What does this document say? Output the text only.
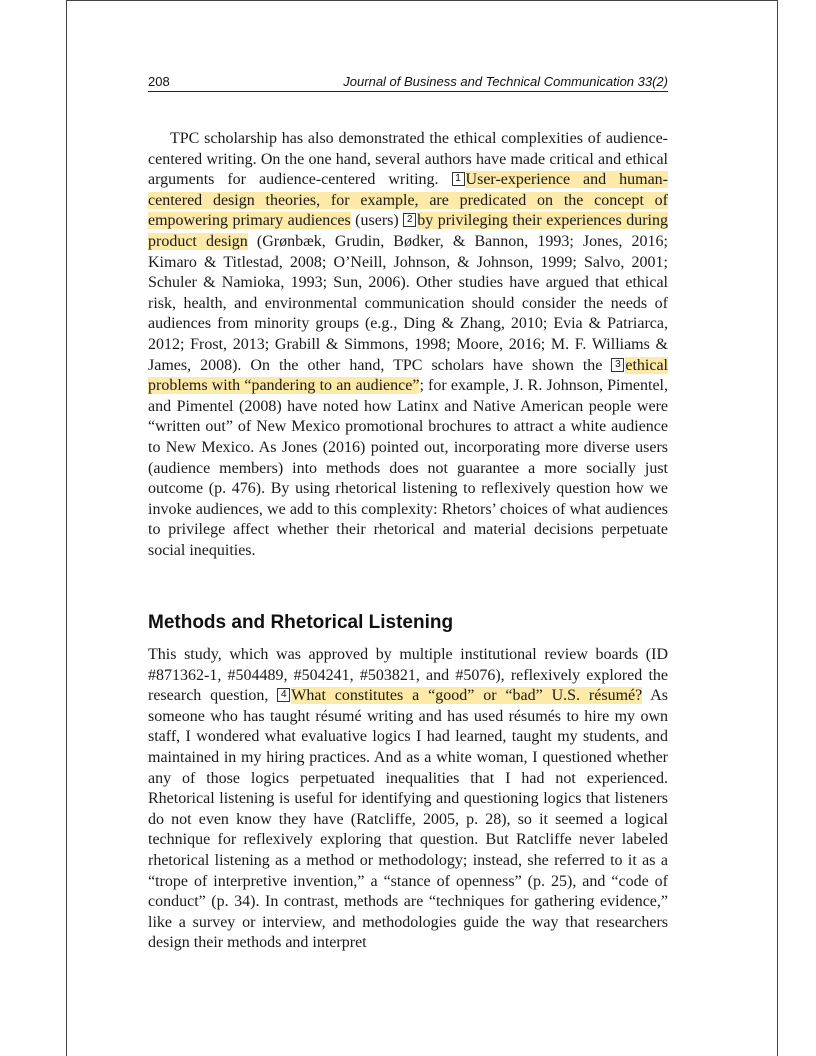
208	Journal of Business and Technical Communication 33(2)
TPC scholarship has also demonstrated the ethical complexities of audience-centered writing. On the one hand, several authors have made critical and ethical arguments for audience-centered writing. 1 User-experience and human-centered design theories, for example, are predicated on the concept of empowering primary audiences (users) 2 by privileging their experiences during product design (Grønbæk, Grudin, Bødker, & Bannon, 1993; Jones, 2016; Kimaro & Titlestad, 2008; O’Neill, Johnson, & Johnson, 1999; Salvo, 2001; Schuler & Namioka, 1993; Sun, 2006). Other studies have argued that ethical risk, health, and environmental communication should consider the needs of audiences from minority groups (e.g., Ding & Zhang, 2010; Evia & Patriarca, 2012; Frost, 2013; Grabill & Simmons, 1998; Moore, 2016; M. F. Williams & James, 2008). On the other hand, TPC scholars have shown the 3 ethical problems with “pandering to an audience”; for example, J. R. Johnson, Pimentel, and Pimentel (2008) have noted how Latinx and Native American people were “written out” of New Mexico promotional brochures to attract a white audience to New Mexico. As Jones (2016) pointed out, incorporating more diverse users (audience members) into methods does not guarantee a more socially just outcome (p. 476). By using rhetorical listening to reflexively question how we invoke audiences, we add to this complexity: Rhetors’ choices of what audiences to privilege affect whether their rhetorical and material decisions perpetuate social inequities.
Methods and Rhetorical Listening
This study, which was approved by multiple institutional review boards (ID #871362-1, #504489, #504241, #503821, and #5076), reflexively explored the research question, 4 What constitutes a “good” or “bad” U.S. résumé? As someone who has taught résumé writing and has used résumés to hire my own staff, I wondered what evaluative logics I had learned, taught my students, and maintained in my hiring practices. And as a white woman, I questioned whether any of those logics perpetuated inequalities that I had not experienced. Rhetorical listening is useful for identifying and questioning logics that listeners do not even know they have (Ratcliffe, 2005, p. 28), so it seemed a logical technique for reflexively exploring that question. But Ratcliffe never labeled rhetorical listening as a method or methodology; instead, she referred to it as a “trope of interpretive invention,” a “stance of openness” (p. 25), and “code of conduct” (p. 34). In contrast, methods are “techniques for gathering evidence,” like a survey or interview, and methodologies guide the way that researchers design their methods and interpret
